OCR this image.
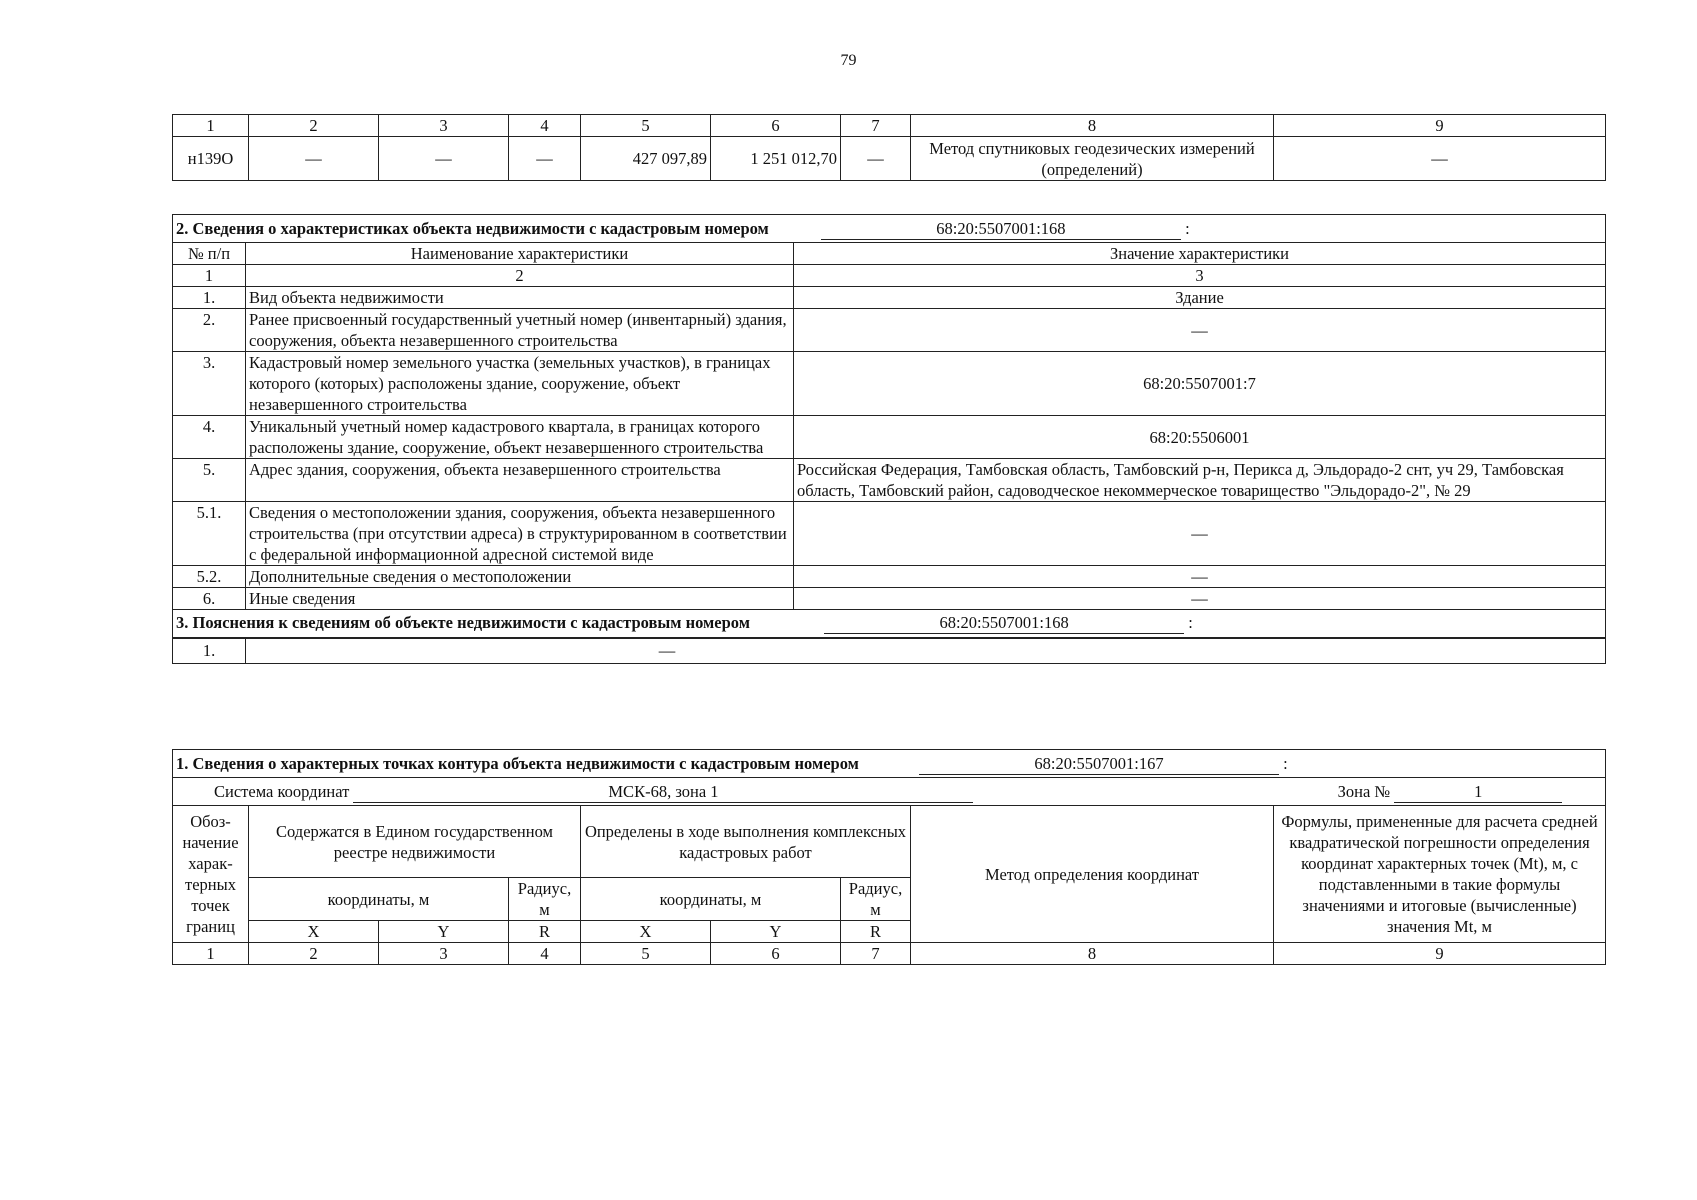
79
1	2	3	4	5	6	7	8	9
н139О	—	—	—	427 097,89	1 251 012,70	—	Метод спутниковых геодезических измерений (определений)	—
2. Сведения о характеристиках объекта недвижимости с кадастровым номером 68:20:5507001:168 :		
№ п/п	Наименование характеристики	Значение характеристики
1	2	3
1.	Вид объекта недвижимости	Здание
2.	Ранее присвоенный государственный учетный номер (инвентарный) здания, сооружения, объекта незавершенного строительства	—
3.	Кадастровый номер земельного участка (земельных участков), в границах которого (которых) расположены здание, сооружение, объект незавершенного строительства	68:20:5507001:7
4.	Уникальный учетный номер кадастрового квартала, в границах которого расположены здание, сооружение, объект незавершенного строительства	68:20:5506001
5.	Адрес здания, сооружения, объекта незавершенного строительства	Российская Федерация, Тамбовская область, Тамбовский р-н, Перикса д, Эльдорадо-2 снт, уч 29, Тамбовская область, Тамбовский район, садоводческое некоммерческое товарищество "Эльдорадо-2", № 29
5.1.	Сведения о местоположении здания, сооружения, объекта незавершенного строительства (при отсутствии адреса) в структурированном в соответствии с федеральной информационной адресной системой виде	—
5.2.	Дополнительные сведения о местоположении	—
6.	Иные сведения	—
3. Пояснения к сведениям об объекте недвижимости с кадастровым номером 68:20:5507001:168 :		
1.	—	
1. Сведения о характерных точках контура объекта недвижимости с кадастровым номером 68:20:5507001:167 :								
Система координат МСК-68, зона 1 Зона № 1								
Обоз-начение харак-терных точек границ	Содержатся в Едином государственном реестре недвижимости			Определены в ходе выполнения комплексных кадастровых работ			Метод определения координат	Формулы, примененные для расчета средней квадратической погрешности определения координат характерных точек (Mt), м, с подставленными в такие формулы значениями и итоговые (вычисленные) значения Mt, м
	координаты, м		Радиус, м	координаты, м		Радиус, м		
	X	Y	R	X	Y	R		
1	2	3	4	5	6	7	8	9
